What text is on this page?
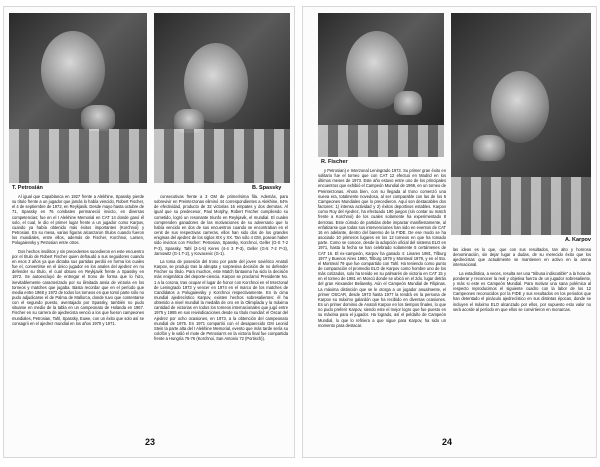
T. Petrosián	B. Spassky

Al igual que Capablanca en 1927 frente a Alekhine, Spassky pierde su título frente a un jugador que jamás lo había vencido, Robert Fischer, el 4 de septiembre de 1972, en Reykjavik. Desde mayo hasta octubre de 71, Spassky en 76 combates permaneció invicto, en diversas competencias; fue en el I Alekhine Memorial en CAT 14 donde ganó él solo, el cual, le dio el primer lugar frente a un jugador como Karpov, cuando ya había obtenido más éxitos importantes (Korchnoi) y Petrosian. En su mesa, varias figuras alcanzaron títulos cuando fueron los mundiales, entre ellos, además de Fischer, Korchnoi, Larsen, Polugaievsky y Petrosian entre otros.

Dos hechos insólitos y sin precedentes sucedieron en este encuentro por el título de Robert Fischer quien defraudó a sus seguidores cuando en esos 3 años ya que dictaba sus partidas perdió en forma los cuales fue el, convertirse en el único jugador en los anales del ajedrez en no defender su título, el cual obtuvo en Reykjavik frente a Spassky en 1972. Se autoexcluyó de entregar el trono de forma que lo hizo, inevitablemente caracterizado por su ilimitada ansia de victoria en los torneos y matches que jugaba. Basta recordar que en el período que media entre 1968 y 1972 de todos los torneos en que tomó parte sólo no pudo adjudicarse el de Palma de Mallorca, donde tuvo que contentarse con el segundo puesto, aventajado por Spassky, también no pudo situarse en medio de la tabla en un campeonato de Holanda en 1967. Fischer en su carrera de ajedrecista venció a los que fueron campeones mundiales, Petrosian, Tahl, Spassky, Euwe, con un éxito que solo así se consagró en el ajedrez mundial en los años 1970 y 1971.

consecutivas frente a 3 GM de primerísima fila. Además, para sobrevivir en Preinterzonas eliminó 44 correspondientes a Alekhine, 64% de efectividad, producto de 32 victorias 16 empates y dos derrotas. Al igual que su predecesor, Paul Morphy, Robert Fischer cumpliendo su cometido, logró un resonante triunfo en Reykjavik, el mundial. El cuales comprenden ganadores de las motivaciones de su adversario que lo había vencido en dos de sus encuentros cuando se encontraban en el cenit de sus respectivas carreras, ellos han sido dos de los grandes enigmas del ajedrez de los siglos XIX y XX. Tan sólo 4 GM, posean haber sido invictos con Fischer: Petrosian, Spassky, Korchnoi, Geller (G-S 7-2 P-3), Spassky, Tahl (2-1-5) Keres (4-4 3 P-3), Geller (G-5 7-2 P-3), Jarnowitz (G-1 T-2), y Kovacevic (G-1).

La toma de posesión del trono por parte del joven soviético Anatoli Karpov, se produjo tras la abrupta y sorpresiva decisión de no defender Fischer su título. Para muchos, este Match fantasma ha sido la decisión más enigmática del deporte-ciencia. Karpov se proclamó Presidente No. 1 a la corona, tras ocupar el lugar de honor con Korchnoi en el Interzonal de Leningrado 1973 y vencer en 1974 en el marco de los matches de Candidatos a Polugaievsky y Korchnoi respectivamente. En la cima mundial ajedrecístico Karpov, existen hechos sobresalientes: él ha obtenido a nivel mundial la medalla de oro en la Olimpíada y la máxima cantidad de victorias en todos los torneos internacionales que jugó entre 1975 y 1985 en sus reivindicaciones desde su título mundial: el Oscar del Ajedrez por ocho ocasiones, en 1973, a la obtención del campeonato mundial de 1975. En 1971 compartió con el desaparecido GM Leonid Stein la parte alta del I Alekhine Memorial, evento que más tarde sería su colofón y le valió el mote de Petrosian's en la victoria final fue compartida frente a Hungría 75-76 (Korchnoi, San Antonio 72 (Portisch)).

23
R. Fischer
A. Karpov

y Petrosian) e Interzonal Leningrado 1973. Su primer gran éxito en solitario fue el torneo que con CAT 12 efectuó en Madrid en los últimos meses de 1973. Este año estuvo entre uno de los principales encuentros que exhibió el Campeón Mundial de 1969, en un torneo de Preinterzonas. Ahora bien, con su llegada al trono comenzó una nueva era, totalmente novedosa, al ser comparable con las de los 5 Campeones Mundiales que lo precedieron. Aquí son destacables dos factores: 1) intensa actividad y 2) éxitos deportivos estables. Karpov como Roy del Ajedrez, ha efectuado 190 juegos (sin contar su match frente a Korchnoi) de los cuales solamente ha experimentado 8 derrotas. Este cúmulo de partidas debe impactar manifiestamente, al enfatizarse que todas sus intervenciones han sido en eventos de CAT 16 en adelante, dentro del baremo de la FIDE. De ese modo se ha asociado 10 primeros lugares en los 12 torneos en que ha tomado parte. Como se conoce, desde la adopción oficial del sistema ELO en 1971, hasta la fecha se han celebrado solamente 5 certámenes de CAT 16. El ex-campeón, Karpov ha ganado 4: Linares 1981, Tilburg 1977 y Buenos Aires 1980, Tilburg 1979 y Montreal 1979, y en el 5to. el Montreal 79 que fue compartido con Tahl. Ha teniendo como punto de comparación el promedio ELO de Karpov como hombre uno de los más cotizados, solo ha tenido en su palmarés de victoria en CAT 15 y en el torneo de 1981 en Moscú donde se ubicó en el 2do. lugar detrás del gran Alexander Beliavsky. Aún el Campeón Mundial de Filipinas. La máxima distinción que se le otorga a un jugador anualmente, el primer OSCAR, desde 1973 hasta 1977 la tendrá en la persona de Karpov su máximo galardón que ha recibido en diversas ocasiones. Es un primer dominio de Anatoli Karpov en los tiempos finales, lo que no pudo preferir Karpov, siendo este el mejor logro que fue puesto en su máxima para el jugador. Ha logrado, así el peldaño de Campeón Mundial, lo que lo refiriera a que sigue para Karpov, ha sido un momento para destacar.

las ideas es lo que, que con sus resultados, tan alto y honrosa denominación, sin dejar lugar a dudas, de su merecido éxito que los ajedrecistas que actualmente se mantienen en activo en la arena internacional.

La estadística, a veces, resulta ser una "tribuna indiscutible" a la hora de ponderar y reconocer la real y objetiva fuerza de un jugador sobresaliente, y más si este es Campeón Mundial. Para motivar una sana polémica al respecto reproducimos el siguiente cuadro con la labor de los 12 Campeones reconocidos por la FIDE y sus resultados en los periodos que han detentado el pináculo ajedrecístico en sus distintas épocas, donde se incluyen el máximo ELO alcanzado por ellos, por supuesto esto valor no será acorde al período en que ellos se convirtieron en monarcas.

24
